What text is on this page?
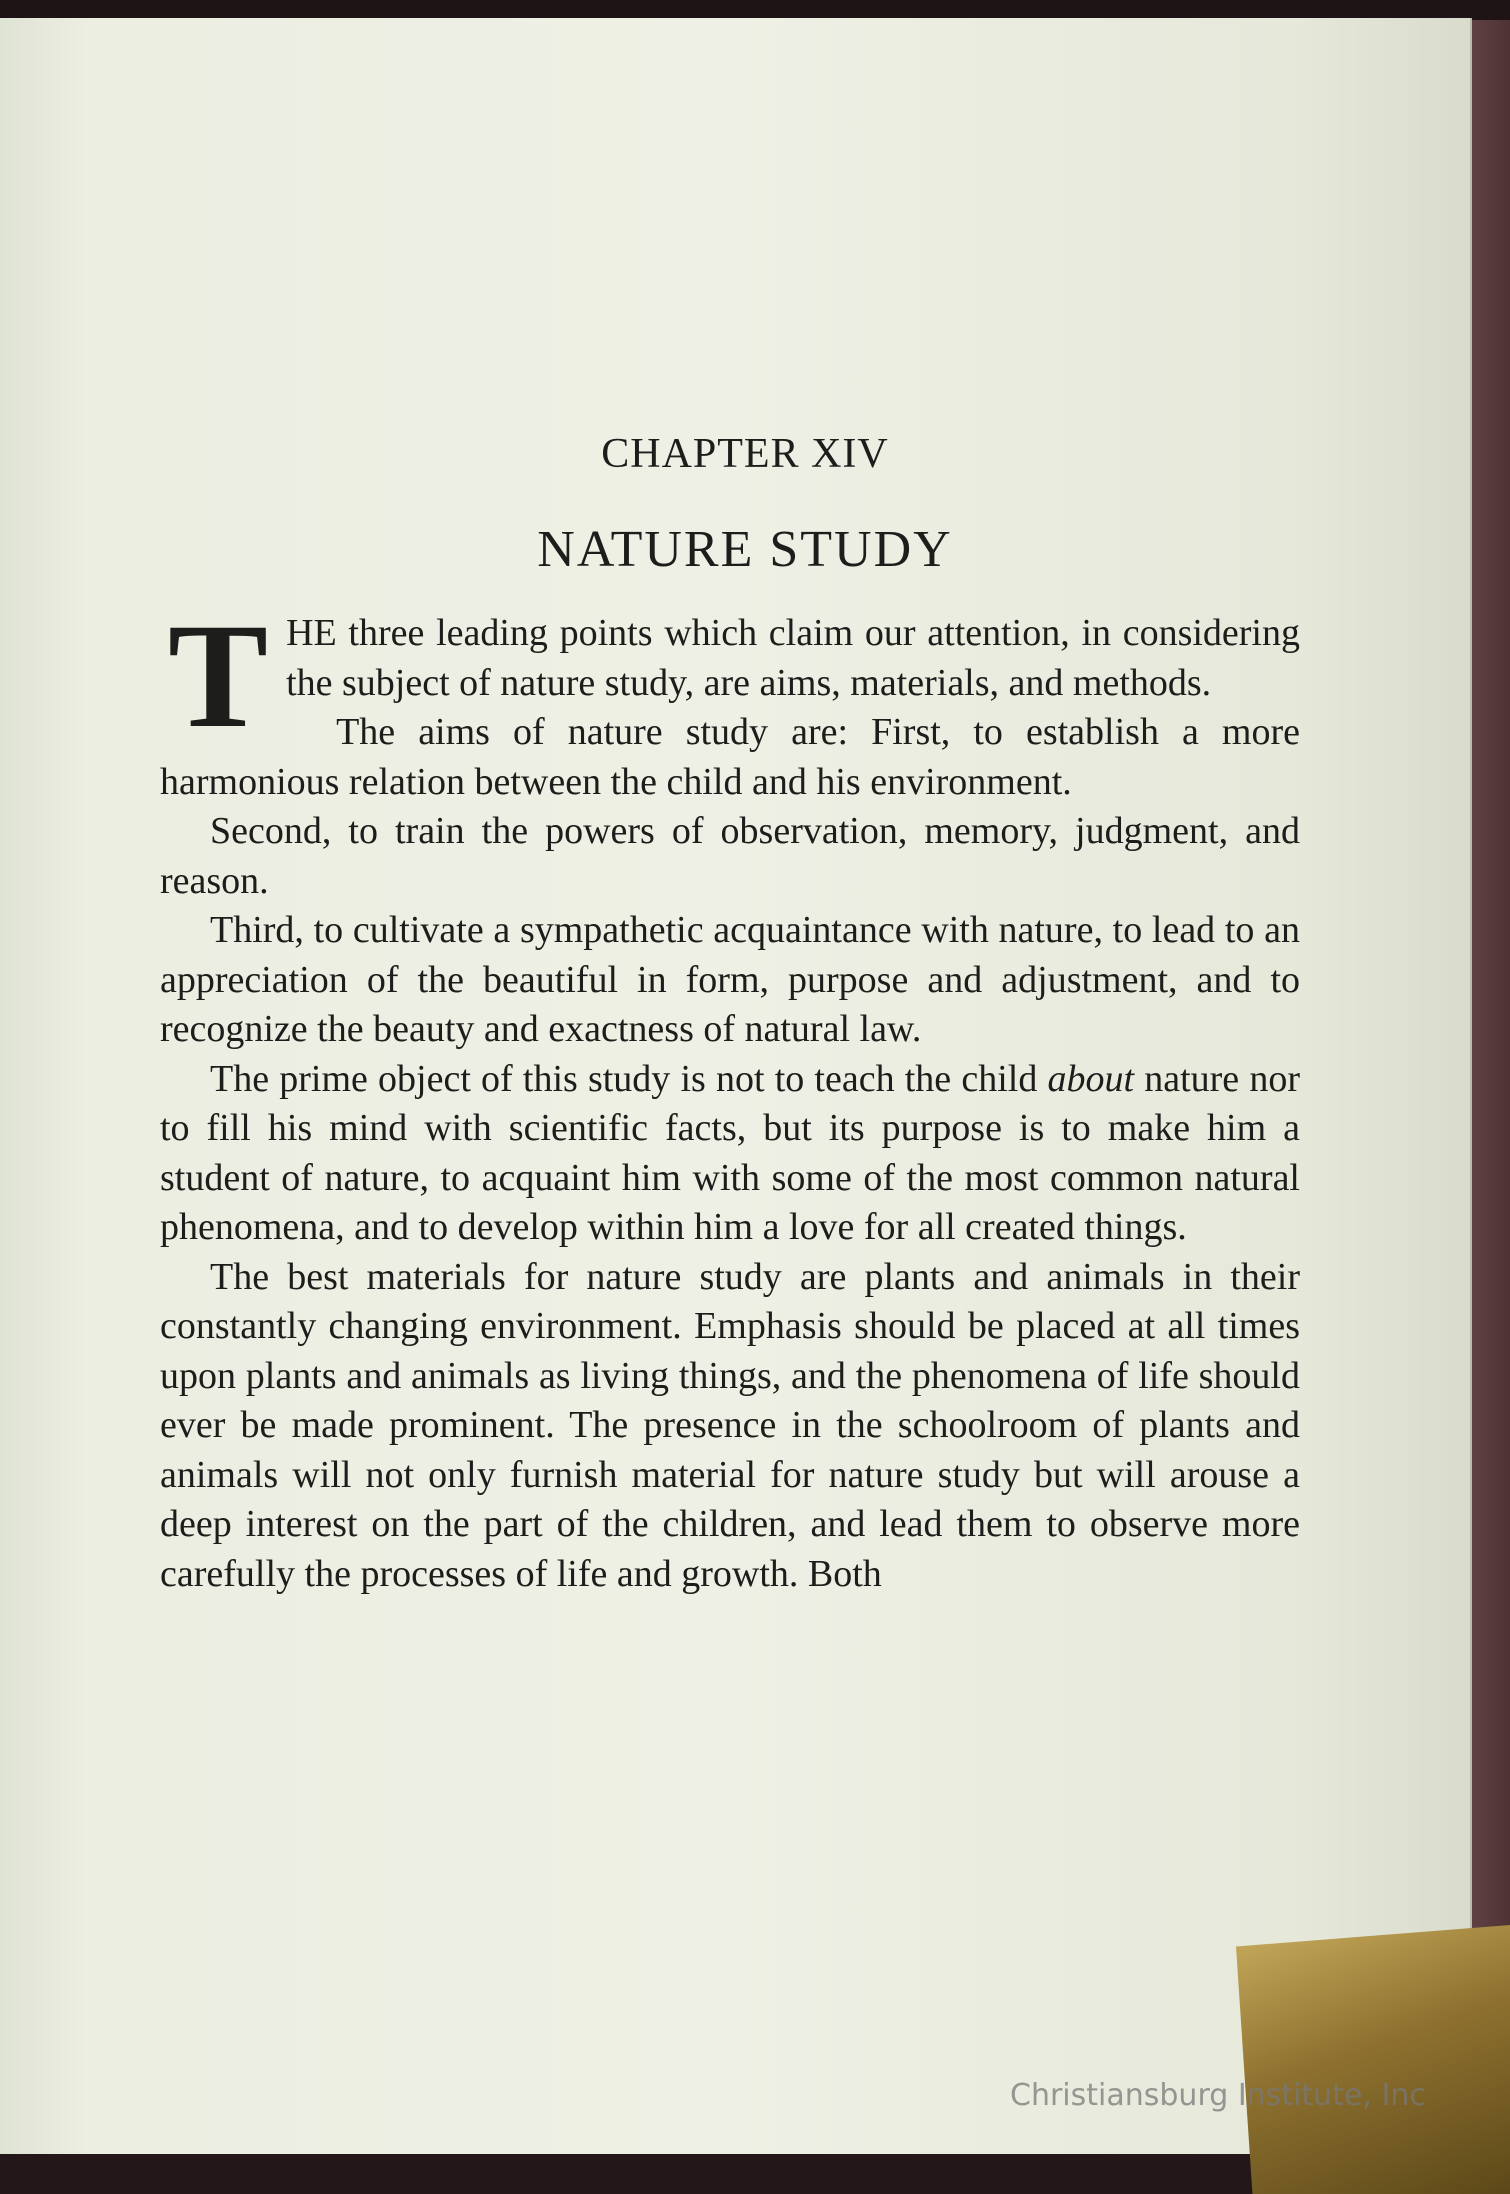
CHAPTER XIV
NATURE STUDY

THE three leading points which claim our attention, in considering the subject of nature study, are aims, materials, and methods.

The aims of nature study are: First, to establish a more harmonious relation between the child and his environment.

Second, to train the powers of observation, memory, judgment, and reason.

Third, to cultivate a sympathetic acquaintance with nature, to lead to an appreciation of the beautiful in form, purpose and adjustment, and to recognize the beauty and exactness of natural law.

The prime object of this study is not to teach the child about nature nor to fill his mind with scientific facts, but its purpose is to make him a student of nature, to acquaint him with some of the most common natural phenomena, and to develop within him a love for all created things.

The best materials for nature study are plants and animals in their constantly changing environment. Emphasis should be placed at all times upon plants and animals as living things, and the phenomena of life should ever be made prominent. The presence in the schoolroom of plants and animals will not only furnish material for nature study but will arouse a deep interest on the part of the children, and lead them to observe more carefully the processes of life and growth. Both

Christiansburg Institute, Inc
